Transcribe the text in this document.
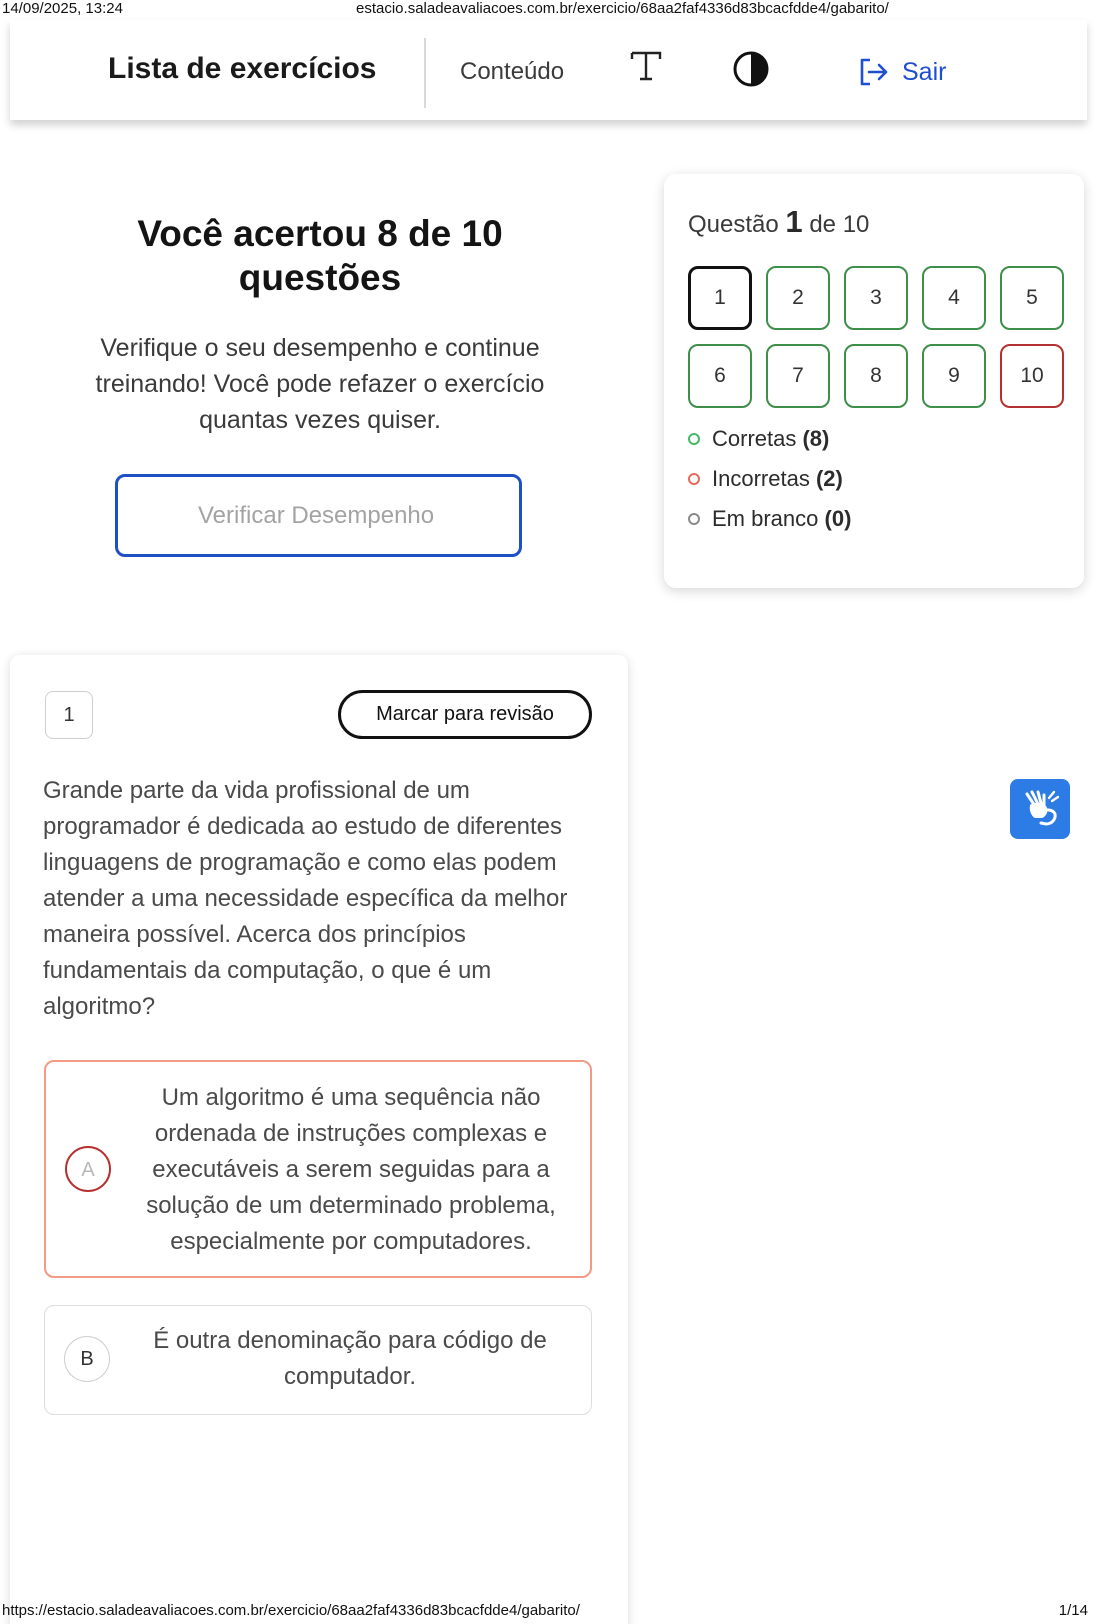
14/09/2025, 13:24	estacio.saladeavaliacoes.com.br/exercicio/68aa2faf4336d83bcacfdde4/gabarito/
Lista de exercícios	Conteúdo	Sair
Você acertou 8 de 10 questões
Verifique o seu desempenho e continue treinando! Você pode refazer o exercício quantas vezes quiser.
Verificar Desempenho
Questão 1 de 10
1	2	3	4	5
6	7	8	9	10
Corretas
(8)
Incorretas
(2)
Em branco
(0)
1	Marcar para revisão
Grande parte da vida profissional de um programador é dedicada ao estudo de diferentes linguagens de programação e como elas podem atender a uma necessidade específica da melhor maneira possível. Acerca dos princípios fundamentais da computação, o que é um algoritmo?
A
Um algoritmo é uma sequência não ordenada de instruções complexas e executáveis a serem seguidas para a solução de um determinado problema, especialmente por computadores.
B
É outra denominação para código de computador.
https://estacio.saladeavaliacoes.com.br/exercicio/68aa2faf4336d83bcacfdde4/gabarito/	1/14
